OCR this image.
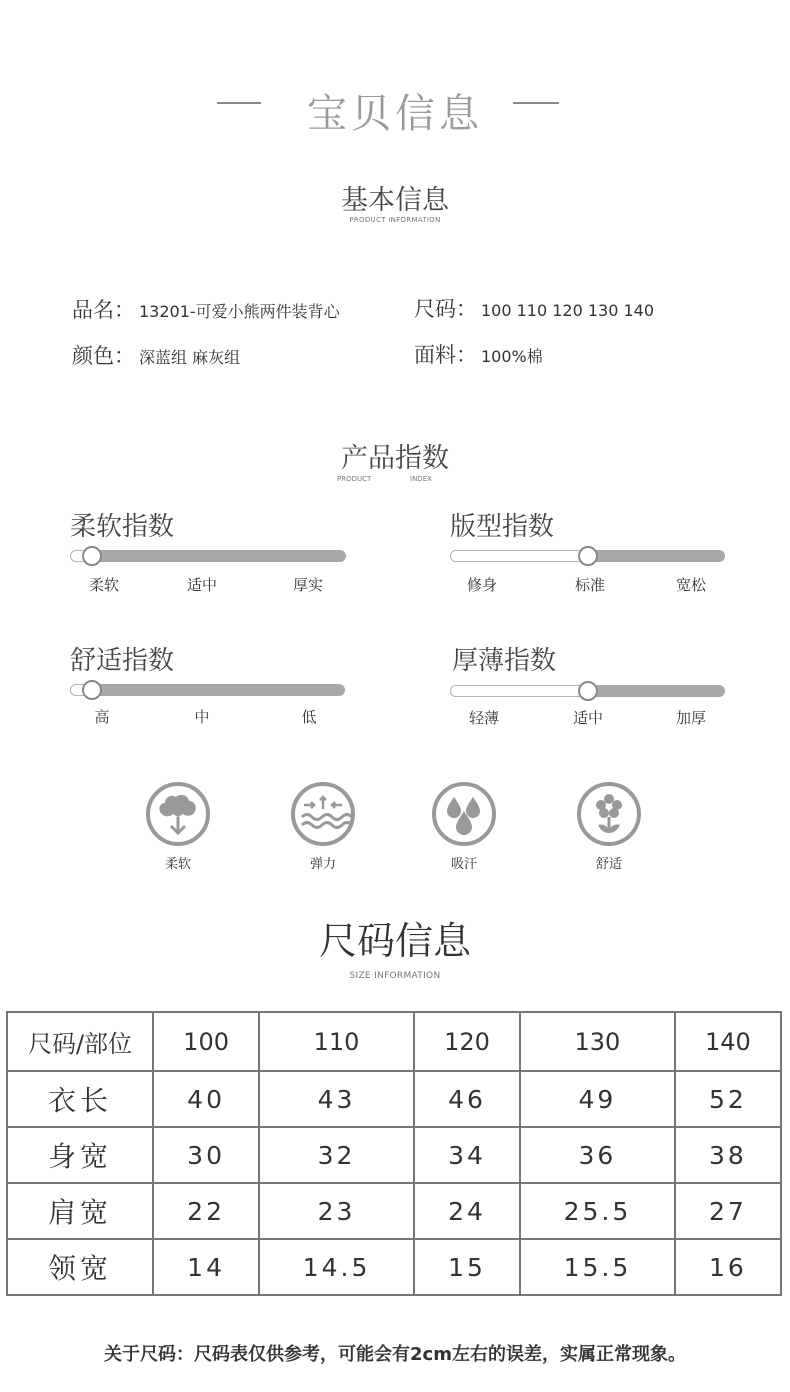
宝贝信息
基本信息
PRODUCT INFORMATION
品名： 13201-可爱小熊两件装背心	尺码： 100 110 120 130 140
颜色： 深蓝组 麻灰组	面料： 100%棉
产品指数
PRODUCT	INDEX
柔软指数
柔软	适中	厚实
版型指数
修身	标准	宽松
舒适指数
高	中	低
厚薄指数
轻薄	适中	加厚
柔软	弹力	吸汗	舒适
尺码信息
SIZE INFORMATION
尺码/部位	100	110	120	130	140
衣长	40	43	46	49	52
身宽	30	32	34	36	38
肩宽	22	23	24	25.5	27
领宽	14	14.5	15	15.5	16
关于尺码：尺码表仅供参考，可能会有2cm左右的误差，实属正常现象。
